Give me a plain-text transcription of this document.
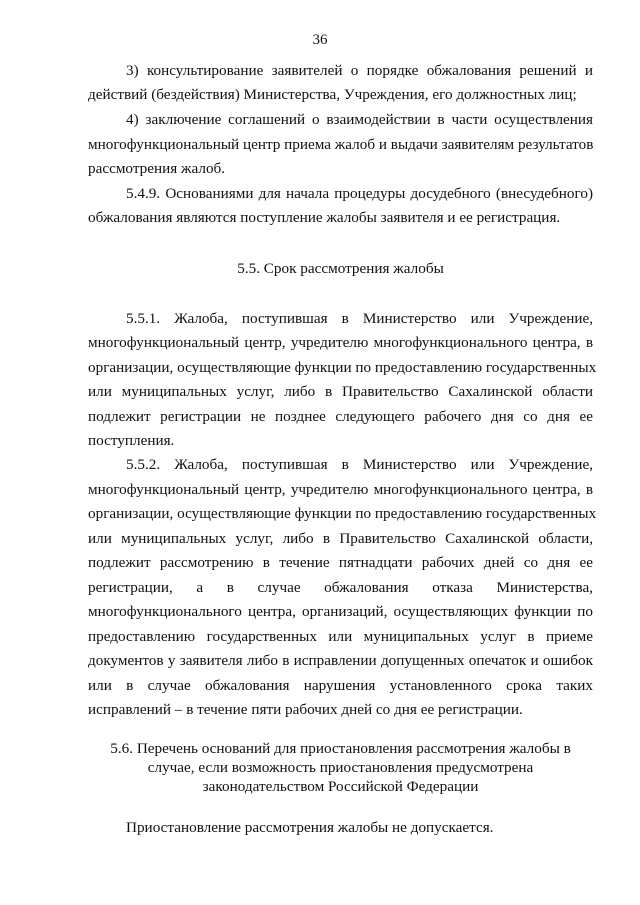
36
3) консультирование заявителей о порядке обжалования решений и
действий (бездействия) Министерства, Учреждения, его должностных лиц;
4) заключение соглашений о взаимодействии в части осуществления
многофункциональный центр приема жалоб и выдачи заявителям результатов
рассмотрения жалоб.
5.4.9. Основаниями для начала процедуры досудебного (внесудебного)
обжалования являются поступление жалобы заявителя и ее регистрация.
5.5. Срок рассмотрения жалобы
5.5.1. Жалоба, поступившая в Министерство или Учреждение,
многофункциональный центр, учредителю многофункционального центра, в
организации, осуществляющие функции по предоставлению государственных
или муниципальных услуг, либо в Правительство Сахалинской области
подлежит регистрации не позднее следующего рабочего дня со дня ее
поступления.
5.5.2. Жалоба, поступившая в Министерство или Учреждение,
многофункциональный центр, учредителю многофункционального центра, в
организации, осуществляющие функции по предоставлению государственных
или муниципальных услуг, либо в Правительство Сахалинской области,
подлежит рассмотрению в течение пятнадцати рабочих дней со дня ее
регистрации, а в случае обжалования отказа Министерства,
многофункционального центра, организаций, осуществляющих функции по
предоставлению государственных или муниципальных услуг в приеме
документов у заявителя либо в исправлении допущенных опечаток и ошибок
или в случае обжалования нарушения установленного срока таких
исправлений – в течение пяти рабочих дней со дня ее регистрации.
5.6. Перечень оснований для приостановления рассмотрения жалобы в
случае, если возможность приостановления предусмотрена
законодательством Российской Федерации
Приостановление рассмотрения жалобы не допускается.
